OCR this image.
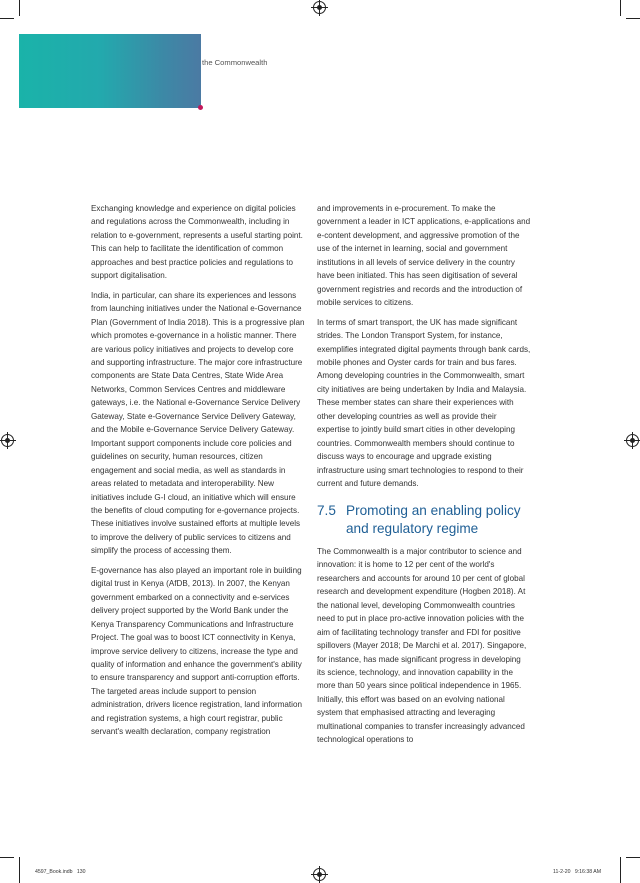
the Commonwealth

Exchanging knowledge and experience on digital policies and regulations across the Commonwealth, including in relation to e-government, represents a useful starting point. This can help to facilitate the identification of common approaches and best practice policies and regulations to support digitalisation.

India, in particular, can share its experiences and lessons from launching initiatives under the National e-Governance Plan (Government of India 2018). This is a progressive plan which promotes e-governance in a holistic manner. There are various policy initiatives and projects to develop core and supporting infrastructure. The major core infrastructure components are State Data Centres, State Wide Area Networks, Common Services Centres and middleware gateways, i.e. the National e-Governance Service Delivery Gateway, State e-Governance Service Delivery Gateway, and the Mobile e-Governance Service Delivery Gateway. Important support components include core policies and guidelines on security, human resources, citizen engagement and social media, as well as standards in areas related to metadata and interoperability. New initiatives include G-I cloud, an initiative which will ensure the benefits of cloud computing for e-governance projects. These initiatives involve sustained efforts at multiple levels to improve the delivery of public services to citizens and simplify the process of accessing them.

E-governance has also played an important role in building digital trust in Kenya (AfDB, 2013). In 2007, the Kenyan government embarked on a connectivity and e-services delivery project supported by the World Bank under the Kenya Transparency Communications and Infrastructure Project. The goal was to boost ICT connectivity in Kenya, improve service delivery to citizens, increase the type and quality of information and enhance the government's ability to ensure transparency and support anti-corruption efforts. The targeted areas include support to pension administration, drivers licence registration, land information and registration systems, a high court registrar, public servant's wealth declaration, company registration

and improvements in e-procurement. To make the government a leader in ICT applications, e-applications and e-content development, and aggressive promotion of the use of the internet in learning, social and government institutions in all levels of service delivery in the country have been initiated. This has seen digitisation of several government registries and records and the introduction of mobile services to citizens.

In terms of smart transport, the UK has made significant strides. The London Transport System, for instance, exemplifies integrated digital payments through bank cards, mobile phones and Oyster cards for train and bus fares. Among developing countries in the Commonwealth, smart city initiatives are being undertaken by India and Malaysia. These member states can share their experiences with other developing countries as well as provide their expertise to jointly build smart cities in other developing countries. Commonwealth members should continue to discuss ways to encourage and upgrade existing infrastructure using smart technologies to respond to their current and future demands.

7.5 Promoting an enabling policy and regulatory regime

The Commonwealth is a major contributor to science and innovation: it is home to 12 per cent of the world's researchers and accounts for around 10 per cent of global research and development expenditure (Hogben 2018). At the national level, developing Commonwealth countries need to put in place pro-active innovation policies with the aim of facilitating technology transfer and FDI for positive spillovers (Mayer 2018; De Marchi et al. 2017). Singapore, for instance, has made significant progress in developing its science, technology, and innovation capability in the more than 50 years since political independence in 1965. Initially, this effort was based on an evolving national system that emphasised attracting and leveraging multinational companies to transfer increasingly advanced technological operations to

4597_Book.indb   130	11-2-20   9:16:38 AM
